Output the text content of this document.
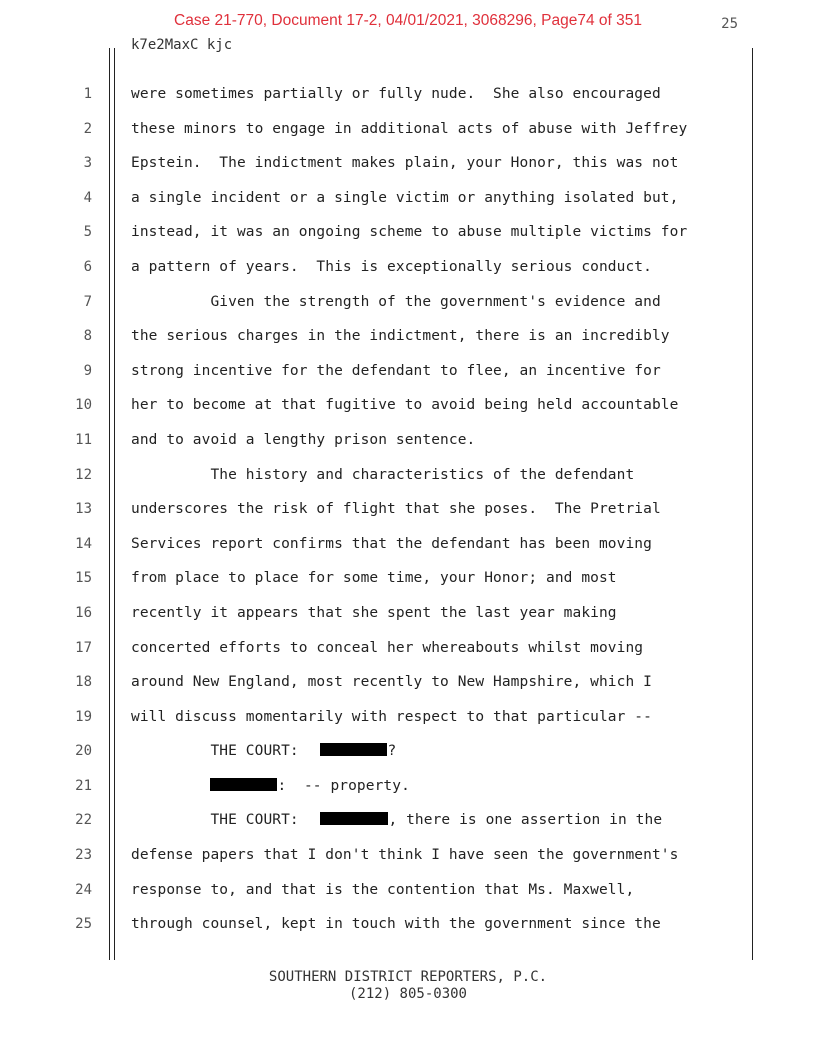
Case 21-770, Document 17-2, 04/01/2021, 3068296, Page74 of 351	25
k7e2MaxC kjc
1	were sometimes partially or fully nude.  She also encouraged
2	these minors to engage in additional acts of abuse with Jeffrey
3	Epstein.  The indictment makes plain, your Honor, this was not
4	a single incident or a single victim or anything isolated but,
5	instead, it was an ongoing scheme to abuse multiple victims for
6	a pattern of years.  This is exceptionally serious conduct.
7	Given the strength of the government's evidence and
8	the serious charges in the indictment, there is an incredibly
9	strong incentive for the defendant to flee, an incentive for
10	her to become at that fugitive to avoid being held accountable
11	and to avoid a lengthy prison sentence.
12	The history and characteristics of the defendant
13	underscores the risk of flight that she poses.  The Pretrial
14	Services report confirms that the defendant has been moving
15	from place to place for some time, your Honor; and most
16	recently it appears that she spent the last year making
17	concerted efforts to conceal her whereabouts whilst moving
18	around New England, most recently to New Hampshire, which I
19	will discuss momentarily with respect to that particular --
20	THE COURT:	?
21	:  -- property.
22	THE COURT:	, there is one assertion in the
23	defense papers that I don't think I have seen the government's
24	response to, and that is the contention that Ms. Maxwell,
25	through counsel, kept in touch with the government since the
SOUTHERN DISTRICT REPORTERS, P.C.
(212) 805-0300
